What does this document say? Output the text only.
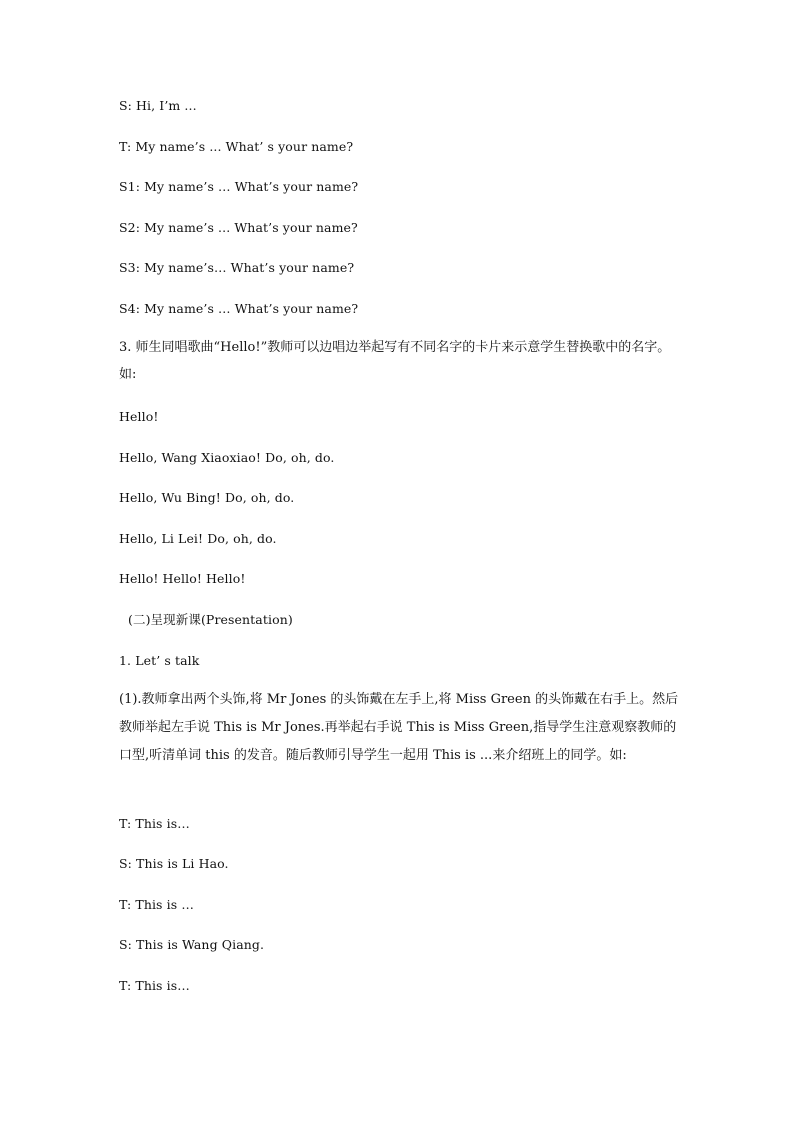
S: Hi, I’m ...
T: My name’s ... What’ s your name?
S1: My name’s … What’s your name?
S2: My name’s ... What’s your name?
S3: My name’s… What’s your name?
S4: My name’s … What’s your name?
3. 师生同唱歌曲“Hello!”教师可以边唱边举起写有不同名字的卡片来示意学生替换歌中的名字。如:
Hello!
Hello, Wang Xiaoxiao! Do, oh, do.
Hello, Wu Bing! Do, oh, do.
Hello, Li Lei! Do, oh, do.
Hello! Hello! Hello!
(二)呈现新课(Presentation)
1. Let’ s talk
(1).教师拿出两个头饰,将 Mr Jones 的头饰戴在左手上,将 Miss Green 的头饰戴在右手上。然后教师举起左手说 This is Mr Jones.再举起右手说 This is Miss Green,指导学生注意观察教师的口型,听清单词 this 的发音。随后教师引导学生一起用 This is ...来介绍班上的同学。如:
T: This is…
S: This is Li Hao.
T: This is …
S: This is Wang Qiang.
T: This is…
